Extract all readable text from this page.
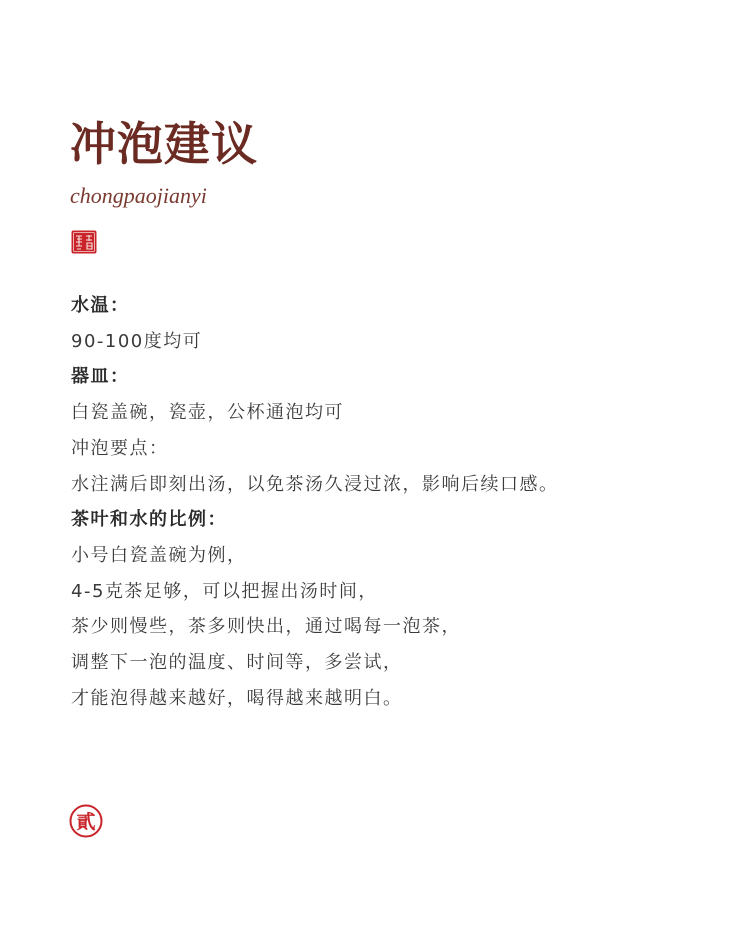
冲泡建议

chongpaojianyi

水温：
90-100度均可
器皿：
白瓷盖碗，瓷壶，公杯通泡均可
冲泡要点：
水注满后即刻出汤，以免茶汤久浸过浓，影响后续口感。
茶叶和水的比例：
小号白瓷盖碗为例，
4-5克茶足够，可以把握出汤时间，
茶少则慢些，茶多则快出，通过喝每一泡茶，
调整下一泡的温度、时间等，多尝试，
才能泡得越来越好，喝得越来越明白。
貳
